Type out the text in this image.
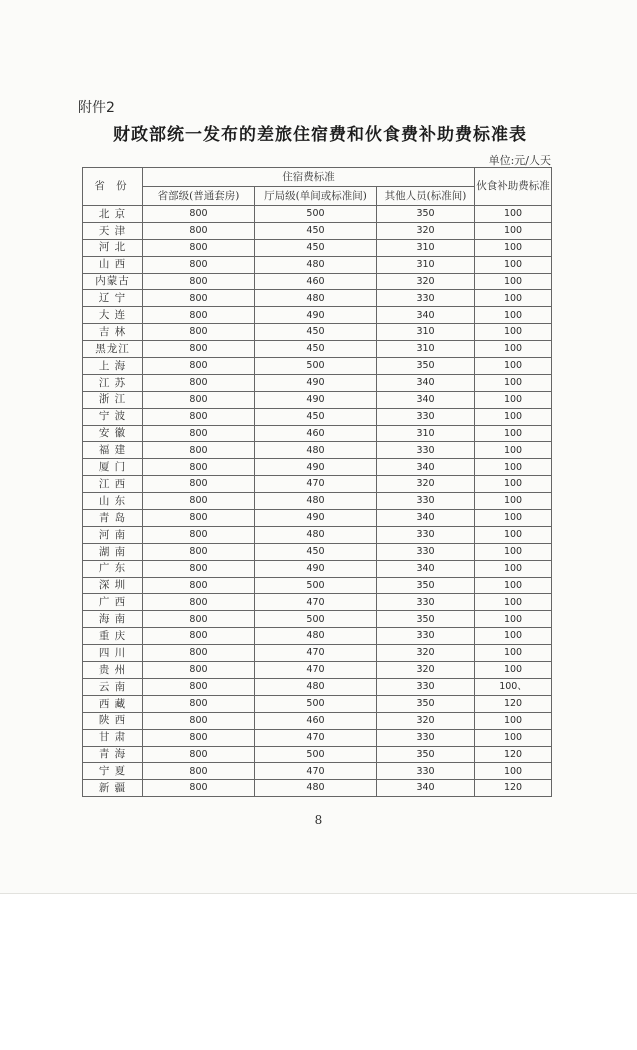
附件2
财政部统一发布的差旅住宿费和伙食费补助费标准表
单位:元/人天
省 份	住宿费标准			伙食补助费标准
	省部级(普通套房)	厅局级(单间或标准间)	其他人员(标准间)	
北 京	800	500	350	100
天 津	800	450	320	100
河 北	800	450	310	100
山 西	800	480	310	100
内蒙古	800	460	320	100
辽 宁	800	480	330	100
大 连	800	490	340	100
吉 林	800	450	310	100
黑龙江	800	450	310	100
上 海	800	500	350	100
江 苏	800	490	340	100
浙 江	800	490	340	100
宁 波	800	450	330	100
安 徽	800	460	310	100
福 建	800	480	330	100
厦 门	800	490	340	100
江 西	800	470	320	100
山 东	800	480	330	100
青 岛	800	490	340	100
河 南	800	480	330	100
湖 南	800	450	330	100
广 东	800	490	340	100
深 圳	800	500	350	100
广 西	800	470	330	100
海 南	800	500	350	100
重 庆	800	480	330	100
四 川	800	470	320	100
贵 州	800	470	320	100
云 南	800	480	330	100、
西 藏	800	500	350	120
陕 西	800	460	320	100
甘 肃	800	470	330	100
青 海	800	500	350	120
宁 夏	800	470	330	100
新 疆	800	480	340	120
8
